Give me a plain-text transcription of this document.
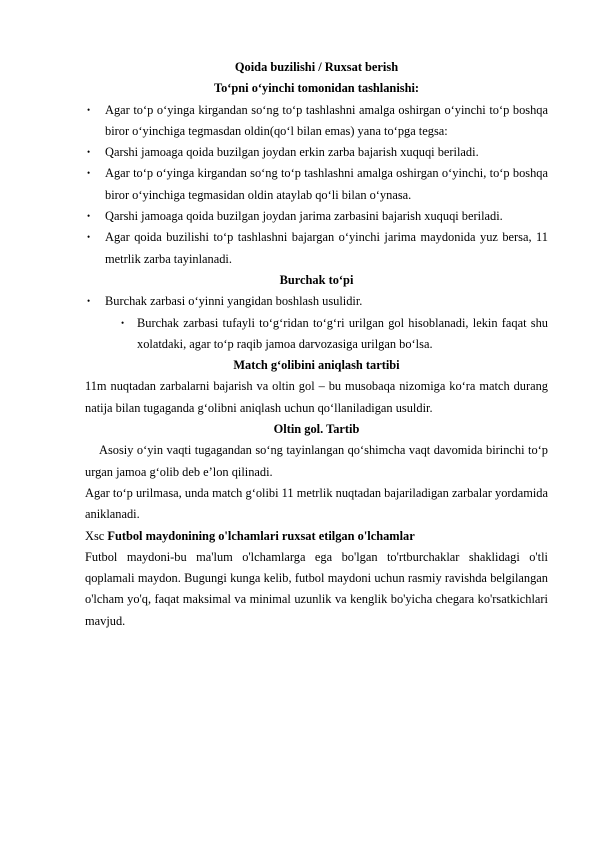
Qoida buzilishi / Ruxsat berish

To‘pni o‘yinchi tomonidan tashlanishi:

• Agar to‘p o‘yinga kirgandan so‘ng to‘p tashlashni amalga oshirgan o‘yinchi to‘p boshqa biror o‘yinchiga tegmasdan oldin(qo‘l bilan emas) yana to‘pga tegsa:
• Qarshi jamoaga qoida buzilgan joydan erkin zarba bajarish xuquqi beriladi.
• Agar to‘p o‘yinga kirgandan so‘ng to‘p tashlashni amalga oshirgan o‘yinchi, to‘p boshqa biror o‘yinchiga tegmasidan oldin ataylab qo‘li bilan o‘ynasa.
• Qarshi jamoaga qoida buzilgan joydan jarima zarbasini bajarish xuquqi beriladi.
• Agar qoida buzilishi to‘p tashlashni bajargan o‘yinchi jarima maydonida yuz bersa, 11 metrlik zarba tayinlanadi.

Burchak to‘pi

• Burchak zarbasi o‘yinni yangidan boshlash usulidir.
• Burchak zarbasi tufayli to‘g‘ridan to‘g‘ri urilgan gol hisoblanadi, lekin faqat shu xolatdaki, agar to‘p raqib jamoa darvozasiga urilgan bo‘lsa.

Match g‘olibini aniqlash tartibi

11m nuqtadan zarbalarni bajarish va oltin gol – bu musobaqa nizomiga ko‘ra match durang natija bilan tugaganda g‘olibni aniqlash uchun qo‘llaniladigan usuldir.

Oltin gol. Tartib

Asosiy o‘yin vaqti tugagandan so‘ng tayinlangan qo‘shimcha vaqt davomida birinchi to‘p urgan jamoa g‘olib deb e’lon qilinadi.

Agar to‘p urilmasa, unda match g‘olibi 11 metrlik nuqtadan bajariladigan zarbalar yordamida aniklanadi.

Xsc Futbol maydonining o'lchamlari ruxsat etilgan o'lchamlar

Futbol maydoni-bu ma'lum o'lchamlarga ega bo'lgan to'rtburchaklar shaklidagi o'tli qoplamali maydon. Bugungi kunga kelib, futbol maydoni uchun rasmiy ravishda belgilangan o'lcham yo'q, faqat maksimal va minimal uzunlik va kenglik bo'yicha chegara ko'rsatkichlari mavjud.
